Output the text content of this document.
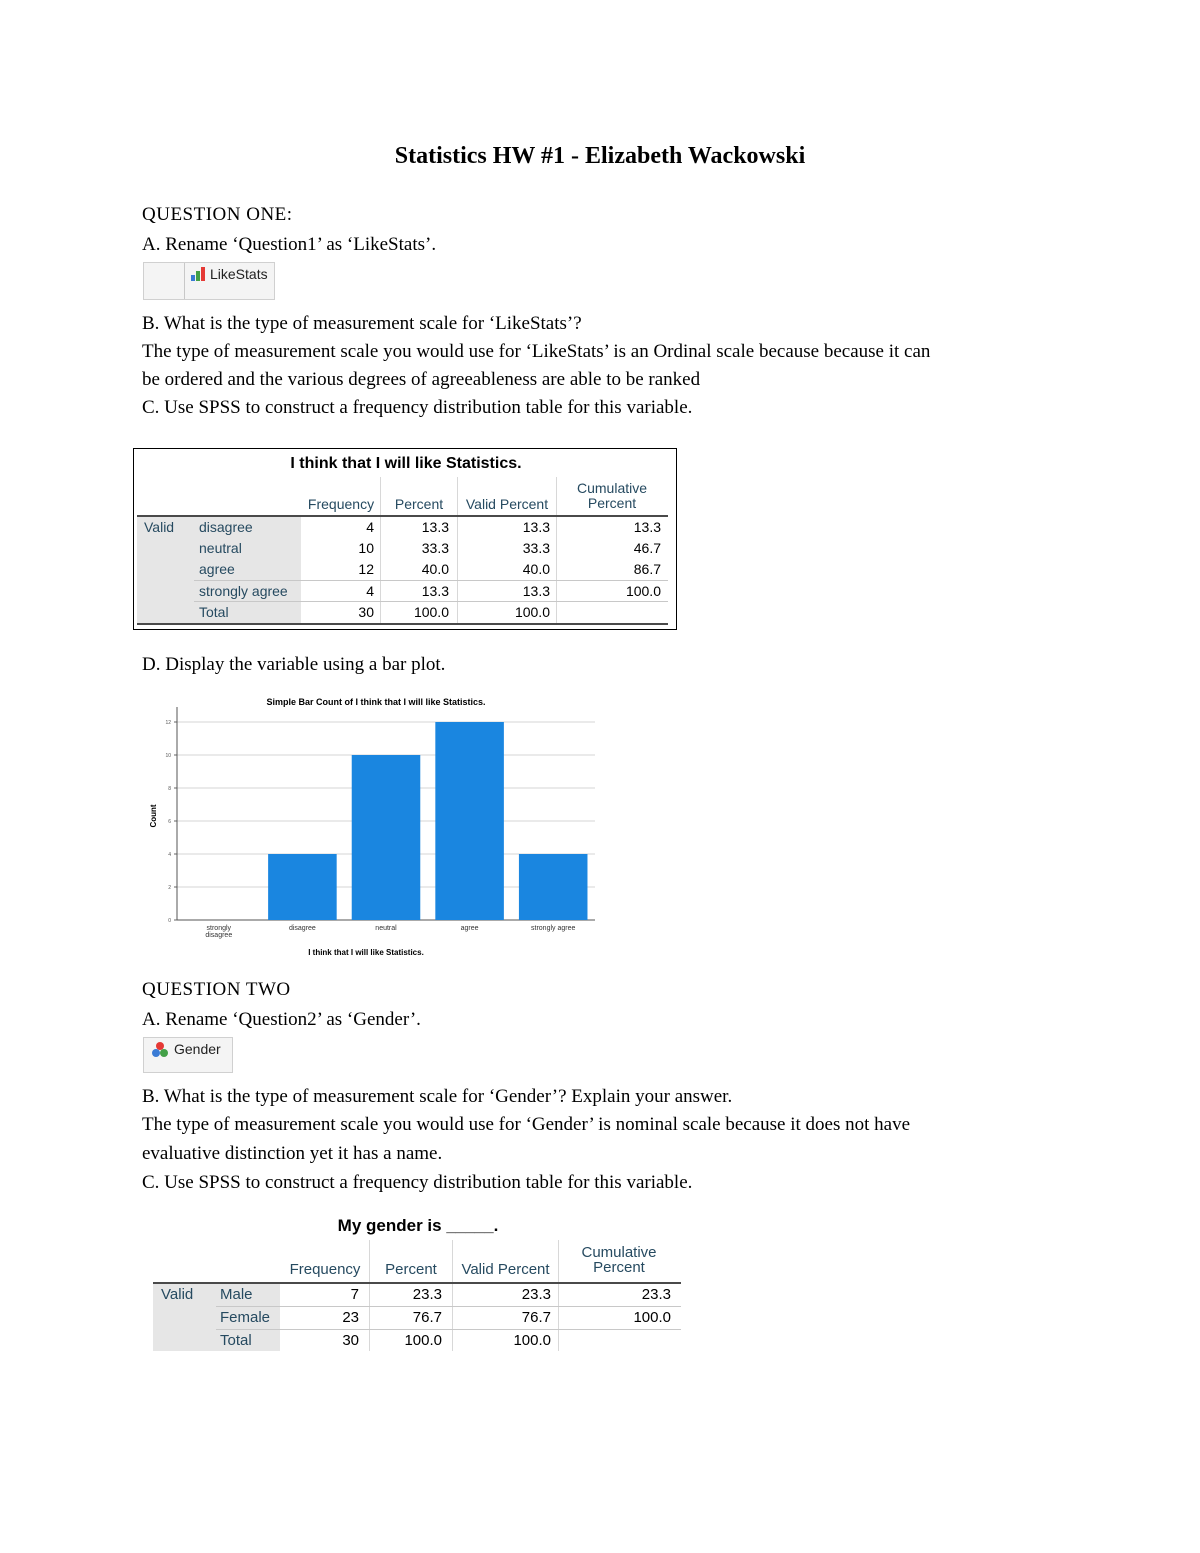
Statistics HW #1 - Elizabeth Wackowski
QUESTION ONE:
A. Rename ‘Question1’ as ‘LikeStats’.
LikeStats
B. What is the type of measurement scale for ‘LikeStats’?
The type of measurement scale you would use for ‘LikeStats’ is an Ordinal scale because because it can
be ordered and the various degrees of agreeableness are able to be ranked
C. Use SPSS to construct a frequency distribution table for this variable.
I think that I will like Statistics.
Frequency	Percent	Valid Percent
Cumulative
Percent
Valid disagree	4	13.3	13.3	13.3
neutral	10	33.3	33.3	46.7
agree	12	40.0	40.0	86.7
strongly agree	4	13.3	13.3	100.0
Total	30	100.0	100.0
D. Display the variable using a bar plot.
Simple Bar Count of I think that I will like Statistics.
0
2
4
6
8
10
12
strongly
disagree
disagree	neutral	agree	strongly agree
I think that I will like Statistics.
Count
QUESTION TWO
A. Rename ‘Question2’ as ‘Gender’.
Gender
B. What is the type of measurement scale for ‘Gender’? Explain your answer.
The type of measurement scale you would use for ‘Gender’ is nominal scale because it does not have
evaluative distinction yet it has a name.
C. Use SPSS to construct a frequency distribution table for this variable.
My gender is _____.
Frequency	Percent	Valid Percent
Cumulative
Percent
Valid Male	7	23.3	23.3	23.3
Female	23	76.7	76.7	100.0
Total	30	100.0	100.0
